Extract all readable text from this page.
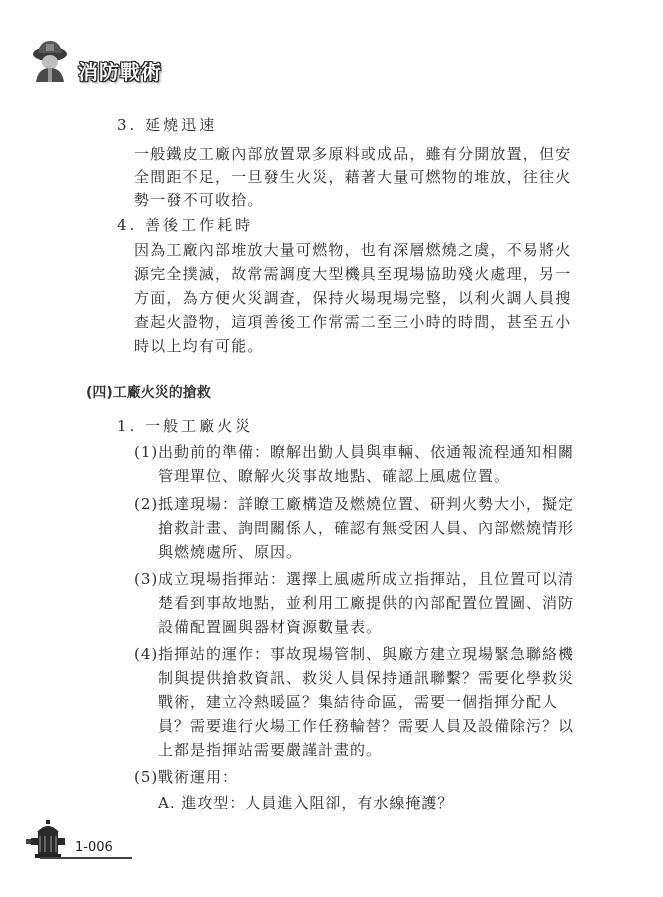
消防戰術
3. 延燒迅速
一般鐵皮工廠內部放置眾多原料或成品，雖有分開放置，但安
全間距不足，一旦發生火災，藉著大量可燃物的堆放，往往火
勢一發不可收拾。
4. 善後工作耗時
因為工廠內部堆放大量可燃物，也有深層燃燒之虞，不易將火
源完全撲滅，故常需調度大型機具至現場協助殘火處理，另一
方面，為方便火災調查，保持火場現場完整，以利火調人員搜
查起火證物，這項善後工作常需二至三小時的時間，甚至五小
時以上均有可能。
(四)工廠火災的搶救
1. 一般工廠火災
(1) 出動前的準備：瞭解出勤人員與車輛、依通報流程通知相關
管理單位、瞭解火災事故地點、確認上風處位置。
(2) 抵達現場：詳瞭工廠構造及燃燒位置、研判火勢大小，擬定
搶救計畫、詢問關係人，確認有無受困人員、內部燃燒情形
與燃燒處所、原因。
(3) 成立現場指揮站：選擇上風處所成立指揮站，且位置可以清
楚看到事故地點，並利用工廠提供的內部配置位置圖、消防
設備配置圖與器材資源數量表。
(4) 指揮站的運作：事故現場管制、與廠方建立現場緊急聯絡機
制與提供搶救資訊、救災人員保持通訊聯繫？需要化學救災
戰術，建立冷熱暖區？集結待命區，需要一個指揮分配人
員？需要進行火場工作任務輪替？需要人員及設備除污？以
上都是指揮站需要嚴謹計畫的。
(5) 戰術運用：
A. 進攻型：人員進入阻卻，有水線掩護？
1-006
